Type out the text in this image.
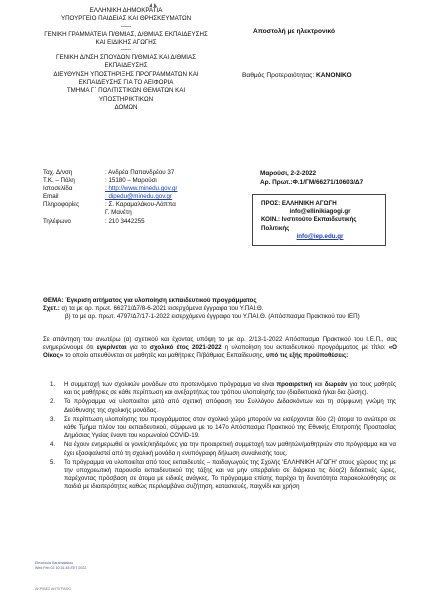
ΕΛΛΗΝΙΚΗ ΔΗΜΟΚΡΑΤΙΑ
ΥΠΟΥΡΓΕΙΟ ΠΑΙΔΕΙΑΣ ΚΑΙ ΘΡΗΣΚΕΥΜΑΤΩΝ
-----
ΓΕΝΙΚΗ ΓΡΑΜΜΑΤΕΙΑ Π/ΘΜΙΑΣ, Δ/ΘΜΙΑΣ ΕΚΠΑΙΔΕΥΣΗΣ
ΚΑΙ ΕΙΔΙΚΗΣ ΑΓΩΓΗΣ
-----
ΓΕΝΙΚΗ Δ/ΝΣΗ ΣΠΟΥΔΩΝ Π/ΘΜΙΑΣ ΚΑΙ Δ/ΘΜΙΑΣ
ΕΚΠΑΙΔΕΥΣΗΣ
ΔΙΕΥΘΥΝΣΗ ΥΠΟΣΤΗΡΙΞΗΣ ΠΡΟΓΡΑΜΜΑΤΩΝ ΚΑΙ
ΕΚΠΑΙΔΕΥΣΗΣ ΓΙΑ ΤΟ ΑΕΙΦΟΡΙΑ
ΤΜΗΜΑ Γ΄ ΠΟΛΙΤΙΣΤΙΚΩΝ ΘΕΜΑΤΩΝ ΚΑΙ ΥΠΟΣΤΗΡΙΚΤΙΚΩΝ
ΔΟΜΩΝ
Αποστολή με ηλεκτρονικό
Βαθμός Προτεραιότητας: ΚΑΝΟΝΙΚΟ
Ταχ. Δ/νση	: Ανδρέα Παπανδρέου 37
Τ.Κ. – Πόλη	: 15180 – Μαρούσι
Ιστοσελίδα	: http://www.minedu.gov.gr
Email	: dipedu@minedu.gov.gr
Πληροφορίες	: Σ. Καραμαλάκου-Λάππα
Γ. Μανέτη
Τηλέφωνο	: 210 3442255
Μαρούσι, 2-2-2022
Αρ. Πρωτ.:Φ.1/ΓΜ/66271/10603/Δ7
ΠΡΟΣ: ΕΛΛΗΝΙΚΗ ΑΓΩΓΗ
info@ellinikiagogi.gr
ΚΟΙΝ.: Ινστιτούτο Εκπαιδευτικής Πολιτικής
info@iep.edu.gr

ΘΕΜΑ: Έγκριση αιτήματος για υλοποίηση εκπαιδευτικού προγράμματος

Σχετ.: α) τα με αρ. πρωτ. 66271/Δ7/8-6-2021 εισερχόμενα έγγραφα του Υ.ΠΑΙ.Θ.

β) το με αρ. πρωτ. 4797/Δ7/17-1-2022 εισερχόμενο έγγραφο του Υ.ΠΑΙ.Θ. (Απόσπασμα Πρακτικού του ΙΕΠ)

Σε απάντηση του ανωτέρω (α) σχετικού και έχοντας υπόψη το με αρ. 2/13-1-2022 Απόσπασμα Πρακτικού του Ι.Ε.Π., σας ενημερώνουμε ότι εγκρίνεται για το σχολικό έτος 2021-2022 η υλοποίηση του εκπαιδευτικού προγράμματος με τίτλο: «Ο Οίκος» το οποίο απευθύνεται σε μαθητές και μαθήτριες Π/βάθμιας Εκπαίδευσης, υπό τις εξής προϋποθέσεις:

1.	Η συμμετοχή των σχολικών μονάδων στο προτεινόμενο πρόγραμμα να είναι προαιρετική και δωρεάν για τους μαθητές και τις μαθήτριες σε κάθε περίπτωση και ανεξαρτήτως του τρόπου υλοποίησής του (διαδικτυακά ή/και δια ζώσης).
2.	Το πρόγραμμα να υλοποιείται μετά από σχετική απόφαση του Συλλόγου Διδασκόντων και τη σύμφωνη γνώμη της Διεύθυνσης της σχολικής μονάδας.
3.	Σε περίπτωση υλοποίησης του προγράμματος στον σχολικό χώρο μπορούν να εισέρχονται δύο (2) άτομα το ανώτερο σε κάθε Τμήμα πλέον του εκπαιδευτικού, σύμφωνα με το 147ο Απόσπασμα Πρακτικού της Εθνικής Επιτροπής Προστασίας Δημόσιας Υγείας έναντι του κορωνοϊού COVID-19.
4.	Να έχουν ενημερωθεί οι γονείς/κηδεμόνες για την προαιρετική συμμετοχή των μαθητών/μαθητριών στο πρόγραμμα και να έχει εξασφαλιστεί από τη σχολική μονάδα η ενυπόγραφη δήλωση συναίνεσής τους.
5.	Το πρόγραμμα να υλοποιείται από τους εκπαιδευτές – παιδαγωγούς της Σχολής 'ΕΛΛΗΝΙΚΗ ΑΓΩΓΗ' στους χώρους της με την υποχρεωτική παρουσία εκπαιδευτικού της τάξης και να μην υπερβαίνει σε διάρκεια τις δύο(2) διδακτικές ώρες, παρέχοντας πρόσβαση σε άτομα με ειδικές ανάγκες. Το πρόγραμμα επίσης παρέχει τη δυνατότητα παρακολούθησης σε παιδιά με ιδιαιτερότητες καθώς περιλαμβάνει συζήτηση, κατασκευές, παιχνίδι και χρήση
Eleonoula Karamalakou
Wed Feb 02 10:31:45 EET 2022
ΑΚΡΙΒΕΣ ΑΝΤΙΓΡΑΦΟ
